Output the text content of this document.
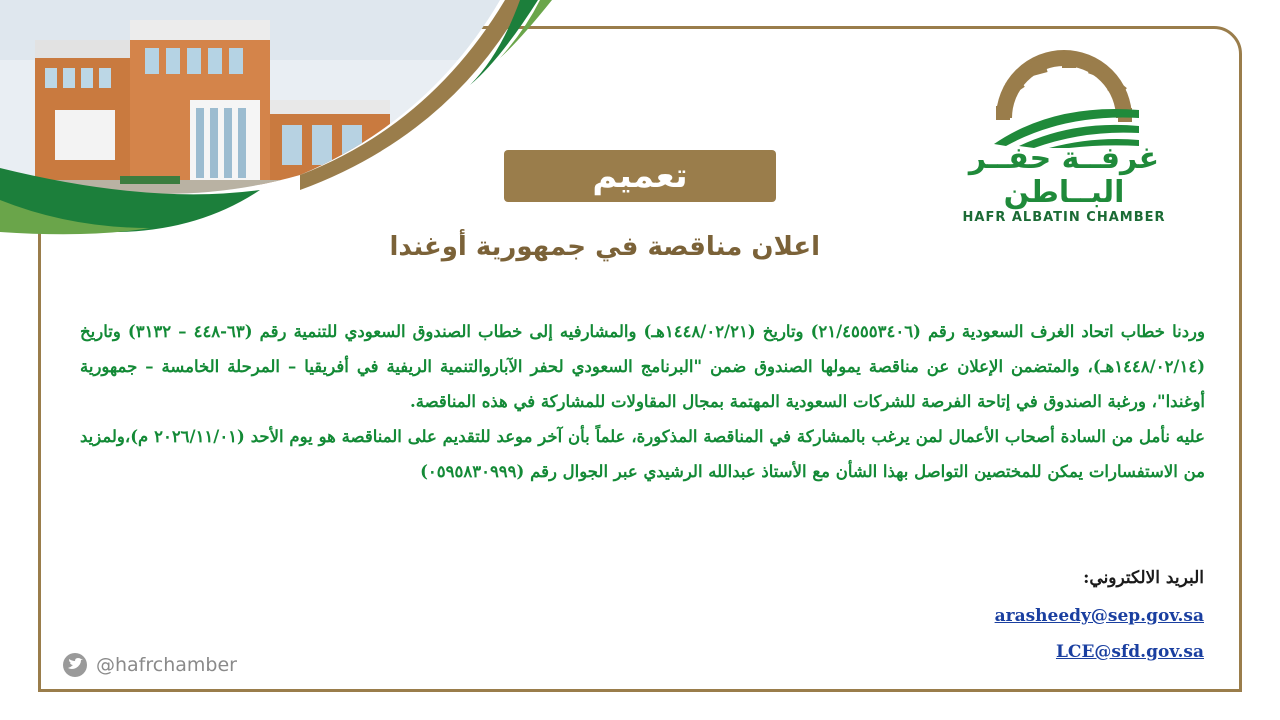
غرفــة حفــر البــاطن
HAFR ALBATIN CHAMBER
تعميم
اعلان مناقصة في جمهورية أوغندا

وردنا خطاب اتحاد الغرف السعودية رقم (٢١/٤٥٥٥٣٤٠٦) وتاريخ (١٤٤٨/٠٢/٢١هـ) والمشارفيه إلى خطاب الصندوق السعودي للتنمية رقم (٦٣-٤٤٨ – ٣١٣٢) وتاريخ (١٤٤٨/٠٢/١٤هـ)، والمتضمن الإعلان عن مناقصة يمولها الصندوق ضمن "البرنامج السعودي لحفر الآباروالتنمية الريفية في أفريقيا – المرحلة الخامسة – جمهورية أوغندا"، ورغبة الصندوق في إتاحة الفرصة للشركات السعودية المهتمة بمجال المقاولات للمشاركة في هذه المناقصة.

عليه نأمل من السادة أصحاب الأعمال لمن يرغب بالمشاركة في المناقصة المذكورة، علماً بأن آخر موعد للتقديم على المناقصة هو يوم الأحد (٢٠٢٦/١١/٠١ م)،ولمزيد من الاستفسارات يمكن للمختصين التواصل بهذا الشأن مع الأستاذ عبدالله الرشيدي عبر الجوال رقم (٠٥٩٥٨٣٠٩٩٩)

البريد الالكتروني:
arasheedy@sep.gov.sa
LCE@sfd.gov.sa
@hafrchamber
